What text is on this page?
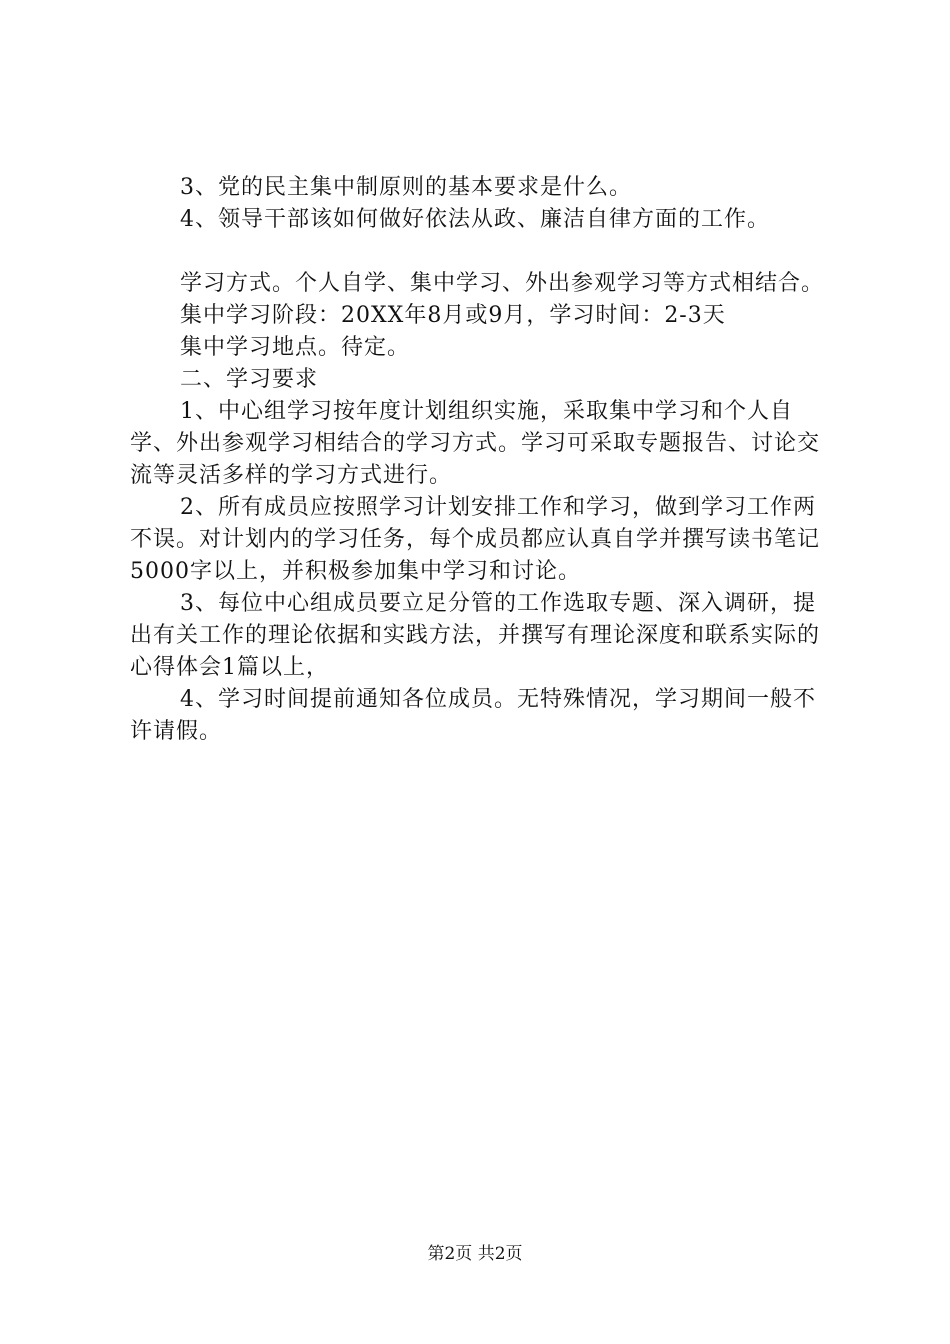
3、党的民主集中制原则的基本要求是什么。

4、领导干部该如何做好依法从政、廉洁自律方面的工作。

学习方式。个人自学、集中学习、外出参观学习等方式相结合。

集中学习阶段：20XX年8月或9月，学习时间：2-3天

集中学习地点。待定。

二、学习要求

1、中心组学习按年度计划组织实施，采取集中学习和个人自学、外出参观学习相结合的学习方式。学习可采取专题报告、讨论交流等灵活多样的学习方式进行。

2、所有成员应按照学习计划安排工作和学习，做到学习工作两不误。对计划内的学习任务，每个成员都应认真自学并撰写读书笔记5000字以上，并积极参加集中学习和讨论。

3、每位中心组成员要立足分管的工作选取专题、深入调研，提出有关工作的理论依据和实践方法，并撰写有理论深度和联系实际的心得体会1篇以上，

4、学习时间提前通知各位成员。无特殊情况，学习期间一般不许请假。

第2页 共2页
